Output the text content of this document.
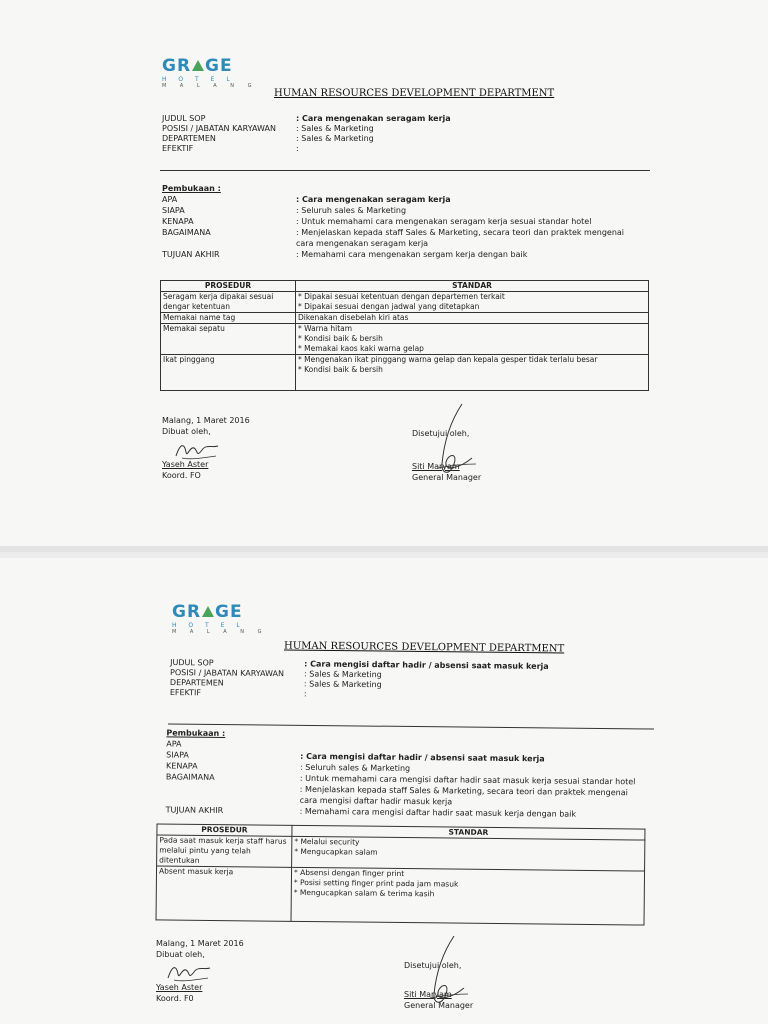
GR GE
H O T E L
M A L A N G
HUMAN RESOURCES DEVELOPMENT DEPARTMENT
JUDUL SOP	: Cara mengenakan seragam kerja
POSISI / JABATAN KARYAWAN	: Sales & Marketing
DEPARTEMEN	: Sales & Marketing
EFEKTIF	:
Pembukaan :
APA	: Cara mengenakan seragam kerja
SIAPA	: Seluruh sales & Marketing
KENAPA	: Untuk memahami cara mengenakan seragam kerja sesuai standar hotel
BAGAIMANA	: Menjelaskan kepada staff Sales & Marketing, secara teori dan praktek mengenai
cara mengenakan seragam kerja
TUJUAN AKHIR	: Memahami cara mengenakan sergam kerja dengan baik
PROSEDUR	STANDAR
Seragam kerja dipakai sesuai dengar ketentuan	* Dipakai sesuai ketentuan dengan departemen terkait
* Dipakai sesuai dengan jadwal yang ditetapkan

Memakai name tag	Dikenakan disebelah kiri atas

Memakai sepatu	* Warna hitam
* Kondisi baik & bersih
* Memakai kaos kaki warna gelap

Ikat pinggang	* Mengenakan ikat pinggang warna gelap dan kepala gesper tidak terlalu besar
* Kondisi baik & bersih
Malang, 1 Maret 2016
Dibuat oleh,
Yaseh Aster
Koord. FO
Disetujui oleh,
Siti Maryam
General Manager
GR GE
H O T E L
M A L A N G
HUMAN RESOURCES DEVELOPMENT DEPARTMENT
JUDUL SOP	: Cara mengisi daftar hadir / absensi saat masuk kerja
POSISI / JABATAN KARYAWAN	: Sales & Marketing
DEPARTEMEN	: Sales & Marketing
EFEKTIF	:
Pembukaan :
APA
SIAPA	: Cara mengisi daftar hadir / absensi saat masuk kerja
KENAPA	: Seluruh sales & Marketing
BAGAIMANA	: Untuk memahami cara mengisi daftar hadir saat masuk kerja sesuai standar hotel
: Menjelaskan kepada staff Sales & Marketing, secara teori dan praktek mengenai
cara mengisi daftar hadir masuk kerja
TUJUAN AKHIR	: Memahami cara mengisi daftar hadir saat masuk kerja dengan baik
PROSEDUR	STANDAR
Pada saat masuk kerja staff harus melalui pintu yang telah ditentukan	* Melalui security
* Mengucapkan salam

Absent masuk kerja	* Absensi dengan finger print
* Posisi setting finger print pada jam masuk
* Mengucapkan salam & terima kasih
Malang, 1 Maret 2016
Dibuat oleh,
Yaseh Aster
Koord. F0
Disetujui oleh,
Siti Maryam
General Manager
